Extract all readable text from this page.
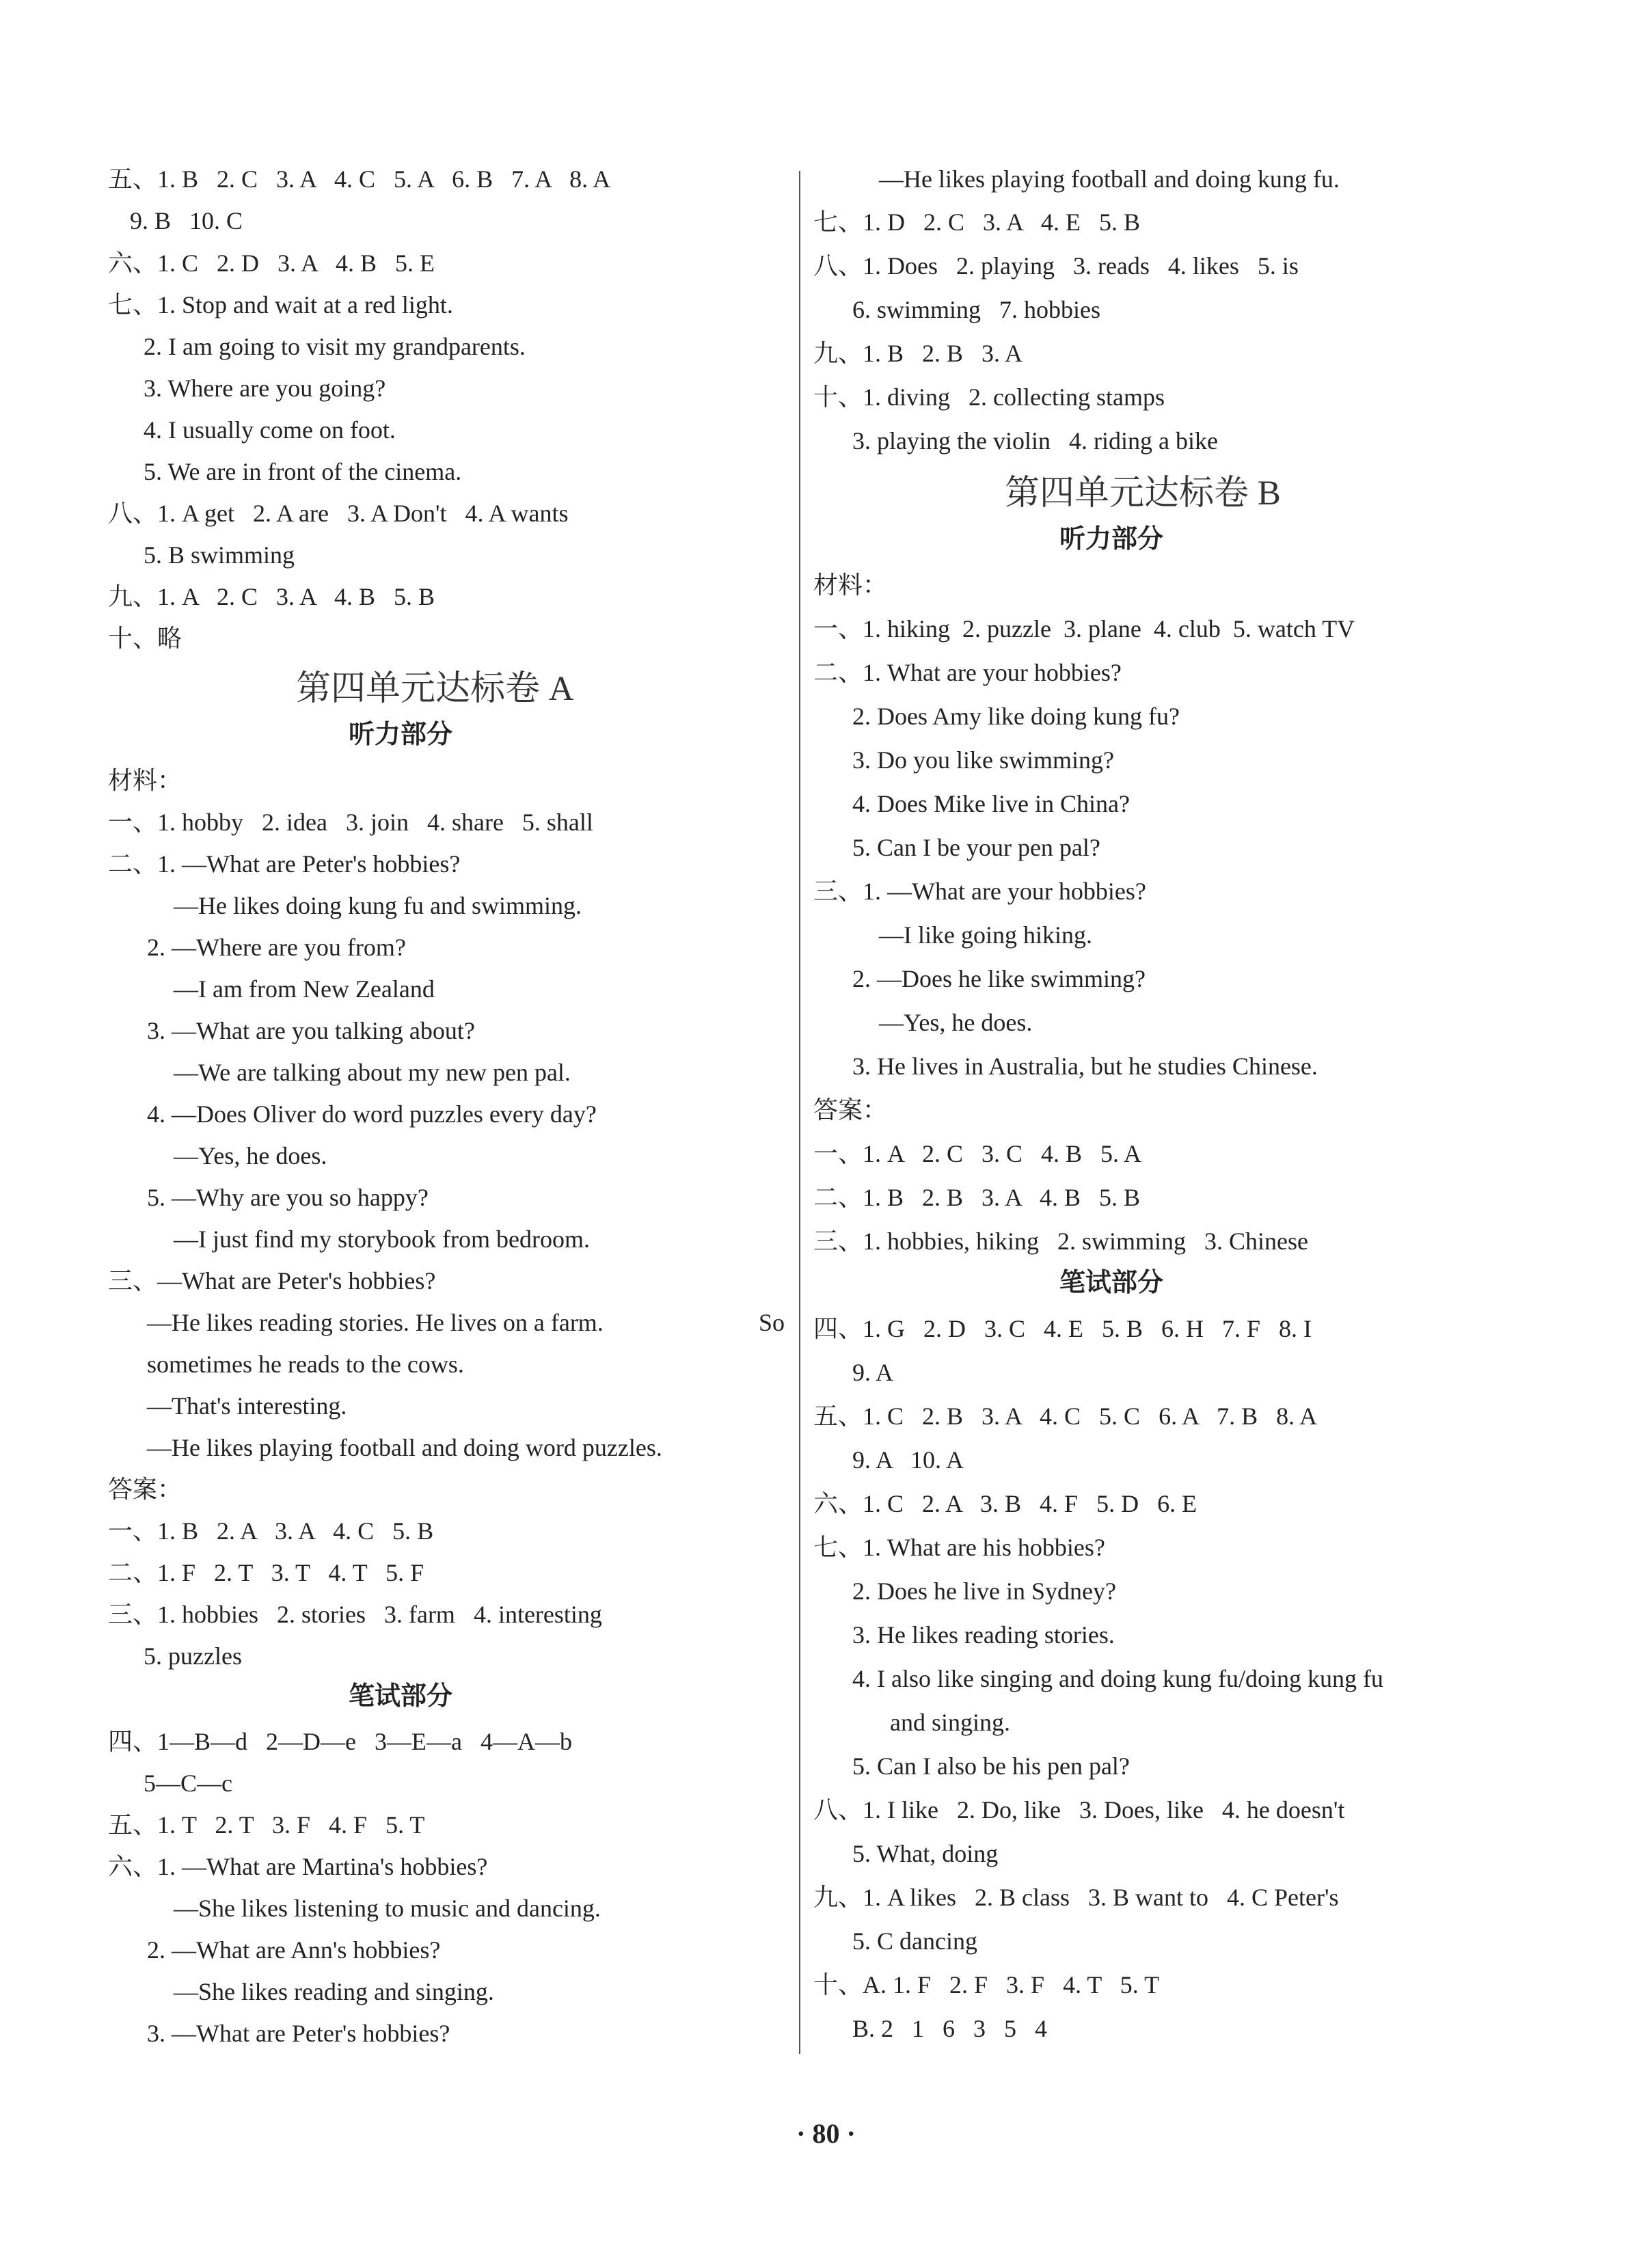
五、1. B   2. C   3. A   4. C   5. A   6. B   7. A   8. A
9. B   10. C
六、1. C   2. D   3. A   4. B   5. E
七、1. Stop and wait at a red light.
2. I am going to visit my grandparents.
3. Where are you going?
4. I usually come on foot.
5. We are in front of the cinema.
八、1. A get   2. A are   3. A Don't   4. A wants
5. B swimming
九、1. A   2. C   3. A   4. B   5. B
十、略
第四单元达标卷 A
听力部分
材料：
一、1. hobby   2. idea   3. join   4. share   5. shall
二、1. —What are Peter's hobbies?
—He likes doing kung fu and swimming.
2. —Where are you from?
—I am from New Zealand
3. —What are you talking about?
—We are talking about my new pen pal.
4. —Does Oliver do word puzzles every day?
—Yes, he does.
5. —Why are you so happy?
—I just find my storybook from bedroom.
三、—What are Peter's hobbies?
—He likes reading stories. He lives on a farm.
sometimes he reads to the cows.
—That's interesting.
—He likes playing football and doing word puzzles.
答案：
一、1. B   2. A   3. A   4. C   5. B
二、1. F   2. T   3. T   4. T   5. F
三、1. hobbies   2. stories   3. farm   4. interesting
5. puzzles
笔试部分
四、1—B—d   2—D—e   3—E—a   4—A—b
5—C—c
五、1. T   2. T   3. F   4. F   5. T
六、1. —What are Martina's hobbies?
—She likes listening to music and dancing.
2. —What are Ann's hobbies?
—She likes reading and singing.
3. —What are Peter's hobbies?
So
—He likes playing football and doing kung fu.
七、1. D   2. C   3. A   4. E   5. B
八、1. Does   2. playing   3. reads   4. likes   5. is
6. swimming   7. hobbies
九、1. B   2. B   3. A
十、1. diving   2. collecting stamps
3. playing the violin   4. riding a bike
第四单元达标卷 B
听力部分
材料：
一、1. hiking  2. puzzle  3. plane  4. club  5. watch TV
二、1. What are your hobbies?
2. Does Amy like doing kung fu?
3. Do you like swimming?
4. Does Mike live in China?
5. Can I be your pen pal?
三、1. —What are your hobbies?
—I like going hiking.
2. —Does he like swimming?
—Yes, he does.
3. He lives in Australia, but he studies Chinese.
答案：
一、1. A   2. C   3. C   4. B   5. A
二、1. B   2. B   3. A   4. B   5. B
三、1. hobbies, hiking   2. swimming   3. Chinese
笔试部分
四、1. G   2. D   3. C   4. E   5. B   6. H   7. F   8. I
9. A
五、1. C   2. B   3. A   4. C   5. C   6. A   7. B   8. A
9. A   10. A
六、1. C   2. A   3. B   4. F   5. D   6. E
七、1. What are his hobbies?
2. Does he live in Sydney?
3. He likes reading stories.
4. I also like singing and doing kung fu/doing kung fu
and singing.
5. Can I also be his pen pal?
八、1. I like   2. Do, like   3. Does, like   4. he doesn't
5. What, doing
九、1. A likes   2. B class   3. B want to   4. C Peter's
5. C dancing
十、A. 1. F   2. F   3. F   4. T   5. T
B. 2   1   6   3   5   4
· 80 ·
